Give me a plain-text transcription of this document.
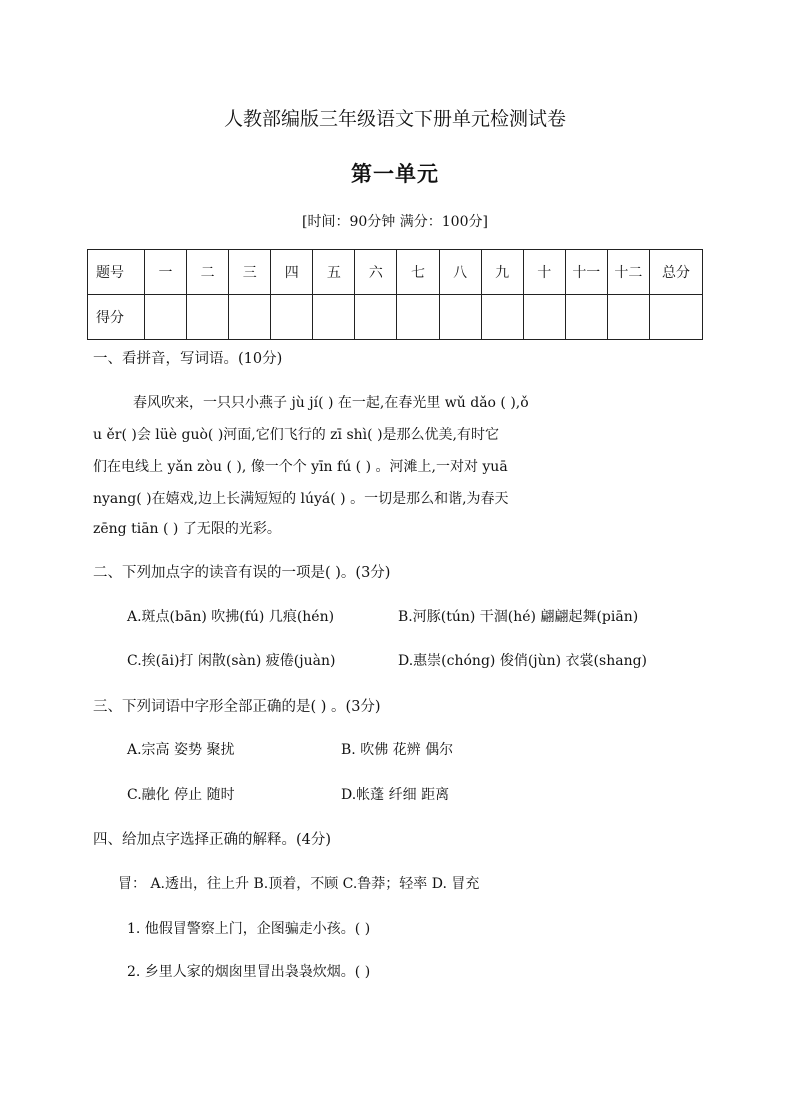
人教部编版三年级语文下册单元检测试卷
第一单元
[时间：90分钟 满分：100分]
题号	一	二	三	四	五	六	七	八	九	十	十一	十二	总分
得分													
一、看拼音，写词语。(10分)
春风吹来，一只只小燕子 jù jí( ) 在一起,在春光里 wǔ dǎo ( ),ǒ
u ěr( )会 lüè guò( )河面,它们飞行的 zī shì( )是那么优美,有时它
们在电线上 yǎn zòu ( ), 像一个个 yīn fú ( ) 。河滩上,一对对 yuā
nyang( )在嬉戏,边上长满短短的 lúyá( ) 。一切是那么和谐,为春天
zēng tiān ( ) 了无限的光彩。
二、下列加点字的读音有误的一项是( )。(3分)
A.斑点(bān) 吹拂(fú) 几痕(hén)	B.河豚(tún) 干涸(hé) 翩翩起舞(piān)
C.挨(āi)打 闲散(sàn) 疲倦(juàn)	D.惠崇(chóng) 俊俏(jùn) 衣裳(shang)
三、下列词语中字形全部正确的是( ) 。(3分)
A.宗高 姿势 聚扰	B. 吹佛 花辨 偶尔
C.融化 停止 随时	D.帐蓬 纤细 距离
四、给加点字选择正确的解释。(4分)
冒： A.透出，往上升 B.顶着，不顾 C.鲁莽；轻率 D. 冒充
1. 他假冒警察上门，企图骗走小孩。( )
2. 乡里人家的烟囱里冒出袅袅炊烟。( )
